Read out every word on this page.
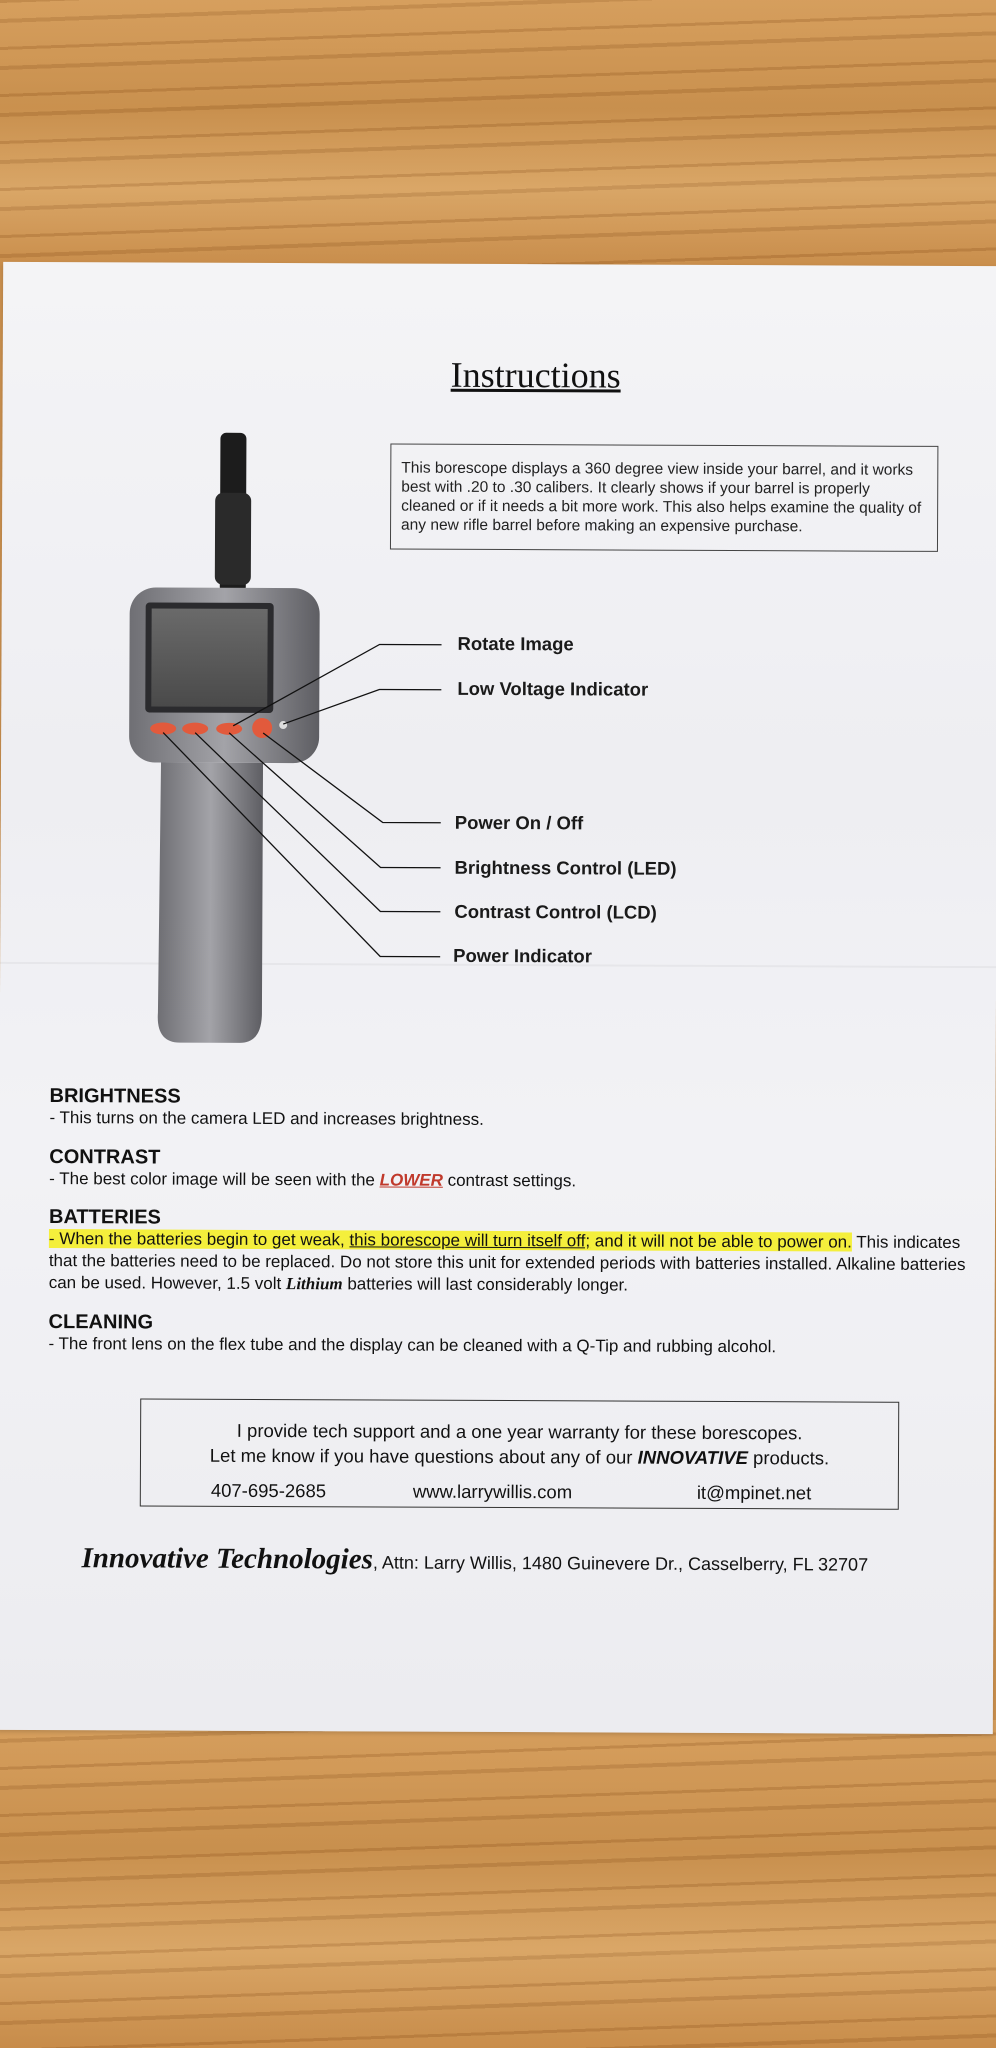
Instructions
This borescope displays a 360 degree view inside your barrel, and it works best with .20 to .30 calibers. It clearly shows if your barrel is properly cleaned or if it needs a bit more work. This also helps examine the quality of any new rifle barrel before making an expensive purchase.
Rotate Image
Low Voltage Indicator
Power On / Off
Brightness Control (LED)
Contrast Control (LCD)
Power Indicator
BRIGHTNESS

- This turns on the camera LED and increases brightness.

CONTRAST

- The best color image will be seen with the LOWER contrast settings.

BATTERIES

- When the batteries begin to get weak, this borescope will turn itself off; and it will not be able to power on. This indicates that the batteries need to be replaced. Do not store this unit for extended periods with batteries installed. Alkaline batteries can be used. However, 1.5 volt Lithium batteries will last considerably longer.

CLEANING

- The front lens on the flex tube and the display can be cleaned with a Q-Tip and rubbing alcohol.

I provide tech support and a one year warranty for these borescopes.
Let me know if you have questions about any of our INNOVATIVE products.
407-695-2685	www.larrywillis.com	it@mpinet.net
Innovative Technologies, Attn: Larry Willis, 1480 Guinevere Dr., Casselberry, FL 32707
